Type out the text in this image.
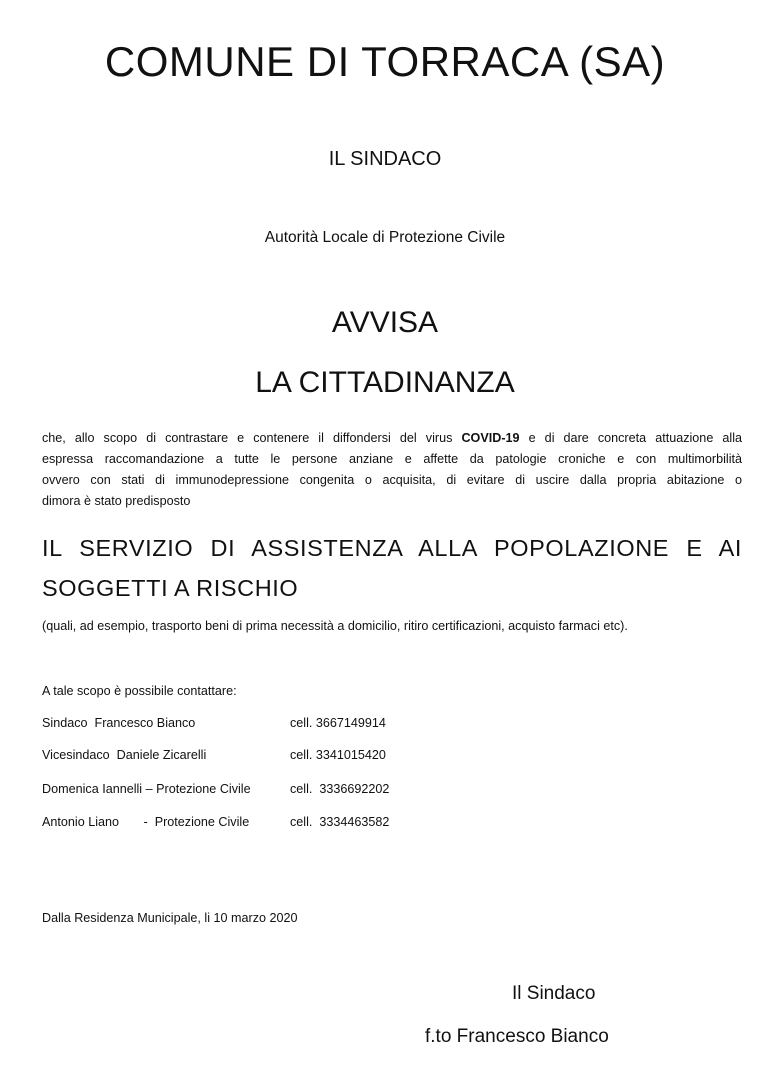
COMUNE DI TORRACA (SA)
IL SINDACO
Autorità Locale di Protezione Civile
AVVISA
LA CITTADINANZA
che, allo scopo di contrastare e contenere il diffondersi del virus COVID-19 e di dare concreta attuazione alla
espressa raccomandazione a tutte le persone anziane e affette da patologie croniche e con multimorbilità
ovvero con stati di immunodepressione congenita o acquisita, di evitare di uscire dalla propria abitazione o
dimora è stato predisposto
IL SERVIZIO DI ASSISTENZA ALLA POPOLAZIONE E AI
SOGGETTI A RISCHIO
(quali, ad esempio, trasporto beni di prima necessità a domicilio, ritiro certificazioni, acquisto farmaci etc).
A tale scopo è possibile contattare:

Sindaco  Francesco Bianco

	cell. 3667149914

Vicesindaco  Daniele Zicarelli

	cell. 3341015420

Domenica Iannelli – Protezione Civile

	cell.  3336692202

Antonio Liano       -  Protezione Civile

	cell.  3334463582

Dalla Residenza Municipale, li 10 marzo 2020
Il Sindaco
f.to Francesco Bianco
